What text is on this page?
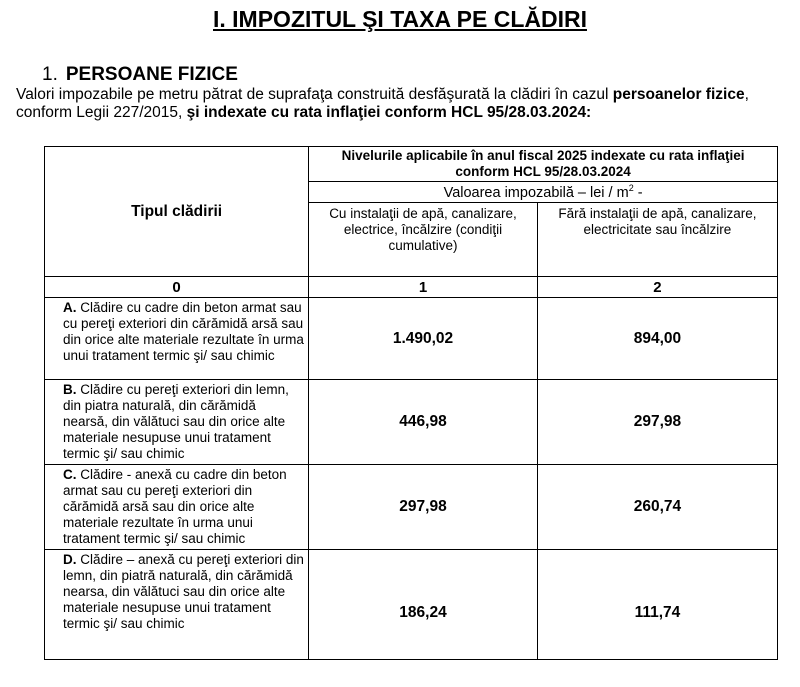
I. IMPOZITUL ŞI TAXA PE CLĂDIRI
1. PERSOANE FIZICE
Valori impozabile pe metru pătrat de suprafaţa construită desfăşurată la clădiri în cazul persoanelor fizice, conform Legii 227/2015, şi indexate cu rata inflaţiei conform HCL 95/28.03.2024:
Tipul clădirii	Nivelurile aplicabile în anul fiscal 2025 indexate cu rata inflaţiei conform HCL 95/28.03.2024	
	Valoarea impozabilă – lei / $m^2$ -	
	Cu instalaţii de apă, canalizare, electrice, încălzire (condiţii cumulative)	Fără instalaţii de apă, canalizare, electricitate sau încălzire
0	1	2
A. Clădire cu cadre din beton armat sau cu pereţi exteriori din cărămidă arsă sau din orice alte materiale rezultate în urma unui tratament termic şi/ sau chimic	1.490,02	894,00
B. Clădire cu pereţi exteriori din lemn, din piatra naturală, din cărămidă nearsă, din vălătuci sau din orice alte materiale nesupuse unui tratament termic şi/ sau chimic	446,98	297,98
C. Clădire - anexă cu cadre din beton armat sau cu pereţi exteriori din cărămidă arsă sau din orice alte materiale rezultate în urma unui tratament termic şi/ sau chimic	297,98	260,74
D. Clădire – anexă cu pereţi exteriori din lemn, din piatră naturală, din cărămidă nearsa, din vălătuci sau din orice alte materiale nesupuse unui tratament termic şi/ sau chimic	186,24	111,74
